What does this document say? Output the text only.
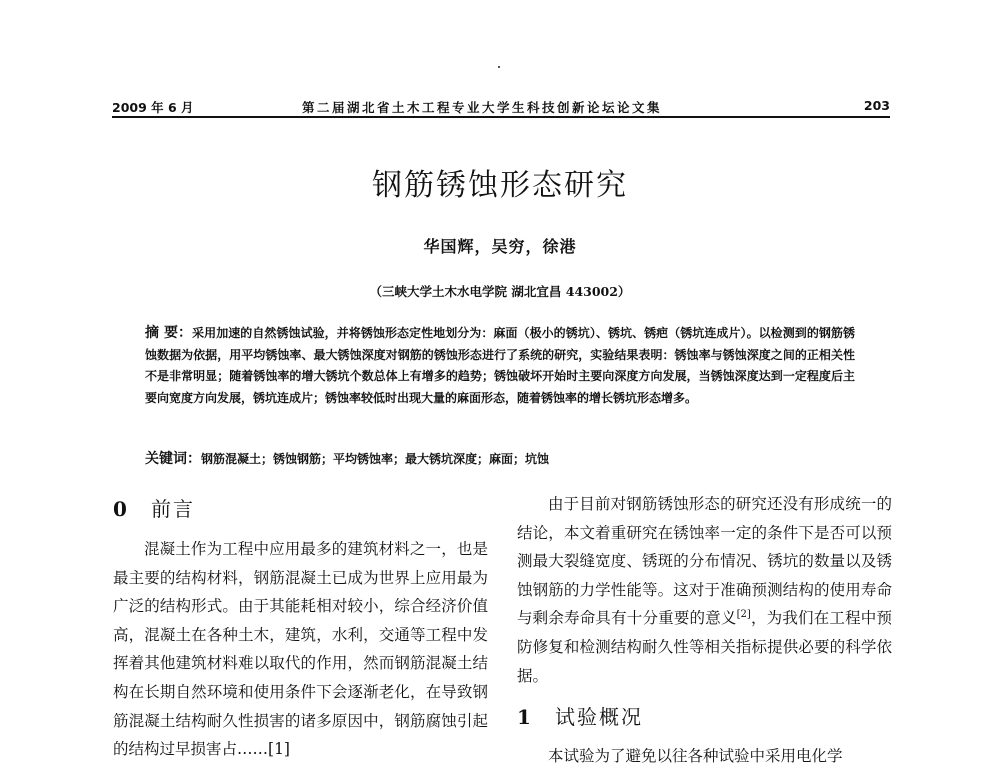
2009 年 6 月	第二届湖北省土木工程专业大学生科技创新论坛论文集	203
钢筋锈蚀形态研究
华国辉，吴穷，徐港
（三峡大学土木水电学院 湖北宜昌 443002）
摘 要：采用加速的自然锈蚀试验，并将锈蚀形态定性地划分为：麻面（极小的锈坑）、锈坑、锈疤（锈坑连成片）。以检测到的钢筋锈蚀数据为依据，用平均锈蚀率、最大锈蚀深度对钢筋的锈蚀形态进行了系统的研究，实验结果表明：锈蚀率与锈蚀深度之间的正相关性不是非常明显；随着锈蚀率的增大锈坑个数总体上有增多的趋势；锈蚀破坏开始时主要向深度方向发展，当锈蚀深度达到一定程度后主要向宽度方向发展，锈坑连成片；锈蚀率较低时出现大量的麻面形态，随着锈蚀率的增长锈坑形态增多。
关键词：钢筋混凝土；锈蚀钢筋；平均锈蚀率；最大锈坑深度；麻面；坑蚀
0 前言

混凝土作为工程中应用最多的建筑材料之一，也是最主要的结构材料，钢筋混凝土已成为世界上应用最为广泛的结构形式。由于其能耗相对较小，综合经济价值高，混凝土在各种土木，建筑，水利，交通等工程中发挥着其他建筑材料难以取代的作用，然而钢筋混凝土结构在长期自然环境和使用条件下会逐渐老化，在导致钢筋混凝土结构耐久性损害的诸多原因中，钢筋腐蚀引起的结构过早损害占……[1]

由于目前对钢筋锈蚀形态的研究还没有形成统一的结论，本文着重研究在锈蚀率一定的条件下是否可以预测最大裂缝宽度、锈斑的分布情况、锈坑的数量以及锈蚀钢筋的力学性能等。这对于准确预测结构的使用寿命与剩余寿命具有十分重要的意义[2]，为我们在工程中预防修复和检测结构耐久性等相关指标提供必要的科学依据。

1 试验概况

本试验为了避免以往各种试验中采用电化学
